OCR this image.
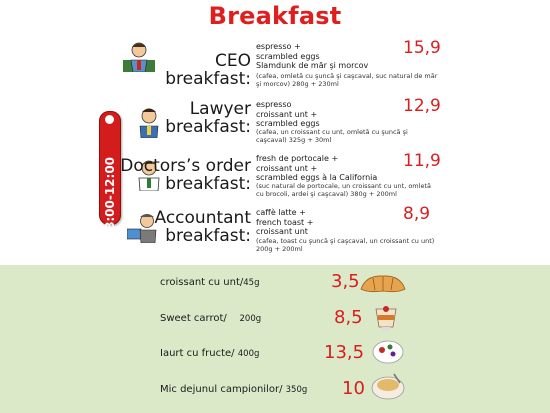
Breakfast
8:00-12:00
CEO
breakfast:
espresso +
scrambled eggs
Slamdunk de măr şi morcov
(cafea, omletă cu şuncă şi caşcaval, suc natural de măr
şi morcov) 280g + 230ml
15,9
Lawyer
breakfast:
espresso
croissant unt +
scrambled eggs
(cafea, un croissant cu unt, omletă cu şuncă şi
caşcaval) 325g + 30ml
12,9
Doctors’s order
breakfast:
fresh de portocale +
croissant unt +
scrambled eggs à la California
(suc natural de portocale, un croissant cu unt, omletă
cu brocoli, ardei şi caşcaval) 380g + 200ml
11,9
Accountant
breakfast:
caffè latte +
french toast +
croissant unt
(cafea, toast cu şuncă şi caşcaval, un croissant cu unt)
200g + 200ml
8,9
croissant cu unt/45g	3,5
Sweet carrot/ 200g	8,5
Iaurt cu fructe/ 400g	13,5
Mic dejunul campionilor/ 350g 10
